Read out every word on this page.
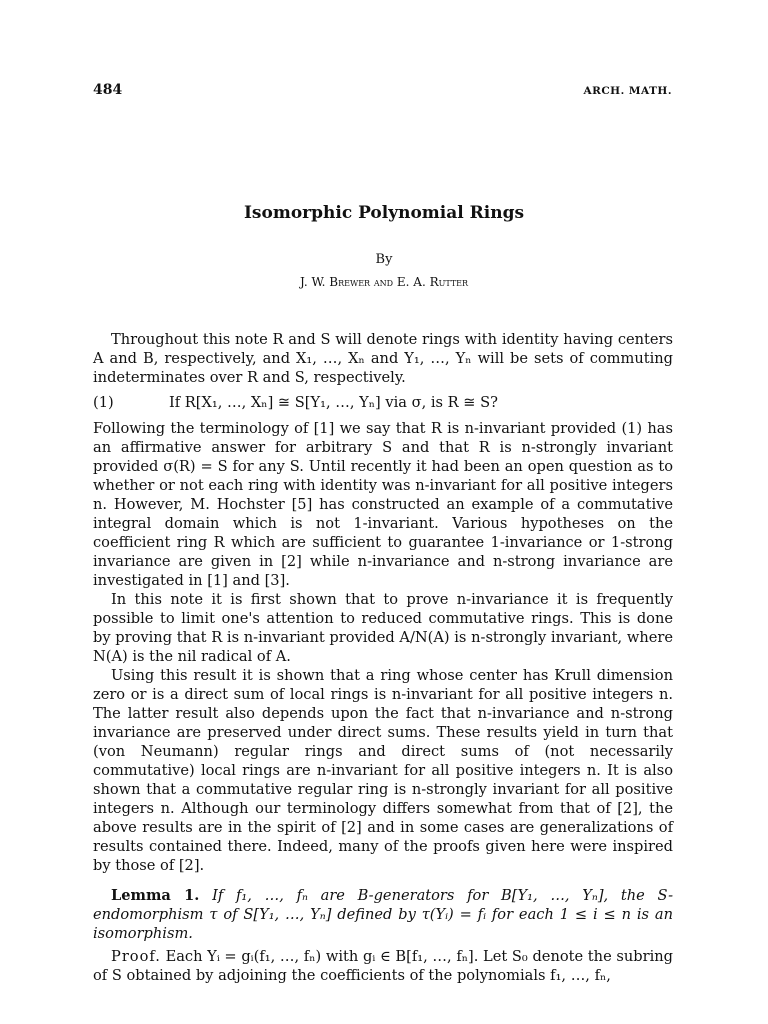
484	ARCH. MATH.
Isomorphic Polynomial Rings
By
J. W. Brewer and E. A. Rutter

Throughout this note R and S will denote rings with identity having centers A and B, respectively, and X₁, …, Xₙ and Y₁, …, Yₙ will be sets of commuting indeterminates over R and S, respectively.

(1)	If R[X₁, …, Xₙ] ≅ S[Y₁, …, Yₙ] via σ, is R ≅ S?

Following the terminology of [1] we say that R is n-invariant provided (1) has an affirmative answer for arbitrary S and that R is n-strongly invariant provided σ(R) = S for any S. Until recently it had been an open question as to whether or not each ring with identity was n-invariant for all positive integers n. However, M. Hochster [5] has constructed an example of a commutative integral domain which is not 1-invariant. Various hypotheses on the coefficient ring R which are sufficient to guarantee 1-invariance or 1-strong invariance are given in [2] while n-invariance and n-strong invariance are investigated in [1] and [3].

In this note it is first shown that to prove n-invariance it is frequently possible to limit one's attention to reduced commutative rings. This is done by proving that R is n-invariant provided A/N(A) is n-strongly invariant, where N(A) is the nil radical of A.

Using this result it is shown that a ring whose center has Krull dimension zero or is a direct sum of local rings is n-invariant for all positive integers n. The latter result also depends upon the fact that n-invariance and n-strong invariance are preserved under direct sums. These results yield in turn that (von Neumann) regular rings and direct sums of (not necessarily commutative) local rings are n-invariant for all positive integers n. It is also shown that a commutative regular ring is n-strongly invariant for all positive integers n. Although our terminology differs somewhat from that of [2], the above results are in the spirit of [2] and in some cases are generalizations of results contained there. Indeed, many of the proofs given here were inspired by those of [2].

Lemma 1. If f₁, …, fₙ are B-generators for B[Y₁, …, Yₙ], the S-endomorphism τ of S[Y₁, …, Yₙ] defined by τ(Yᵢ) = fᵢ for each 1 ≤ i ≤ n is an isomorphism.

Proof. Each Yᵢ = gᵢ(f₁, …, fₙ) with gᵢ ∈ B[f₁, …, fₙ]. Let S₀ denote the subring of S obtained by adjoining the coefficients of the polynomials f₁, …, fₙ,
